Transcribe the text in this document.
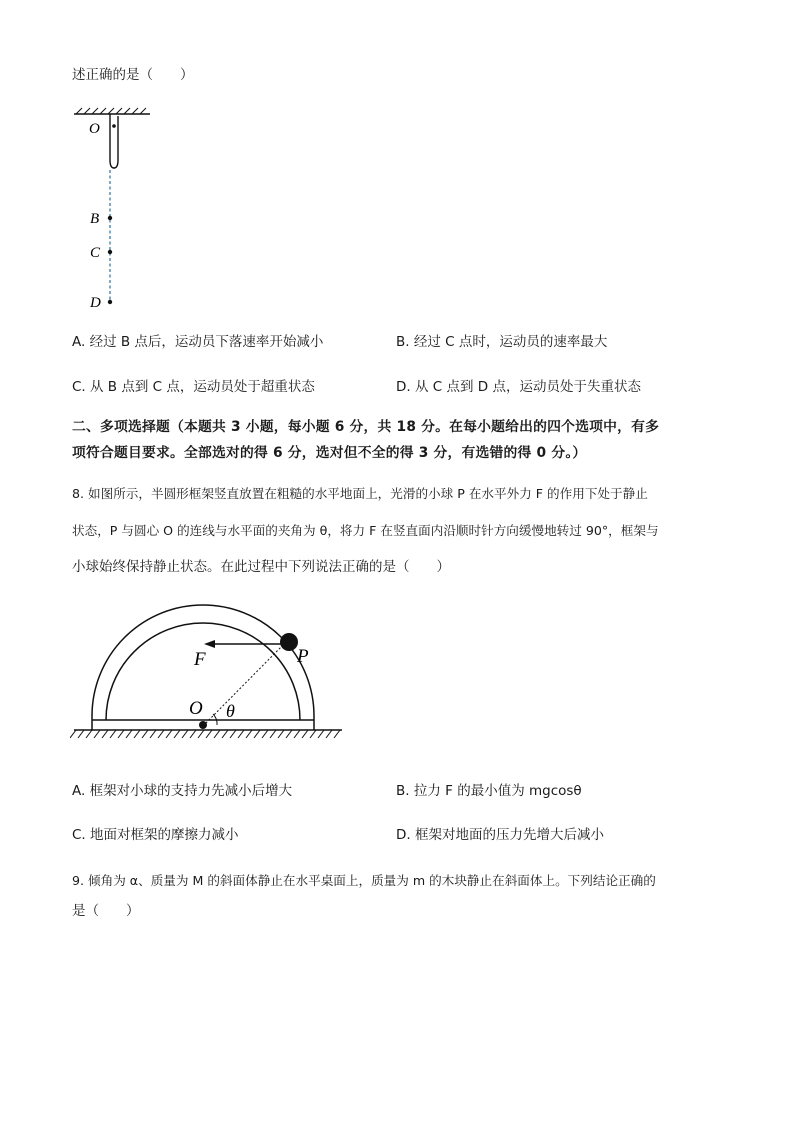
述正确的是（　　）
O
B
C
D
A. 经过 B 点后，运动员下落速率开始减小	B. 经过 C 点时，运动员的速率最大
C. 从 B 点到 C 点，运动员处于超重状态	D. 从 C 点到 D 点，运动员处于失重状态
二、多项选择题（本题共 3 小题，每小题 6 分，共 18 分。在每小题给出的四个选项中，有多
项符合题目要求。全部选对的得 6 分，选对但不全的得 3 分，有选错的得 0 分。）
8. 如图所示，半圆形框架竖直放置在粗糙的水平地面上，光滑的小球 P 在水平外力 F 的作用下处于静止
状态，P 与圆心 O 的连线与水平面的夹角为 θ，将力 F 在竖直面内沿顺时针方向缓慢地转过 90°，框架与
小球始终保持静止状态。在此过程中下列说法正确的是（　　）
F	P
O θ
A. 框架对小球的支持力先减小后增大	B. 拉力 F 的最小值为 mgcosθ
C. 地面对框架的摩擦力减小	D. 框架对地面的压力先增大后减小
9. 倾角为 α、质量为 M 的斜面体静止在水平桌面上，质量为 m 的木块静止在斜面体上。下列结论正确的
是（　　）
